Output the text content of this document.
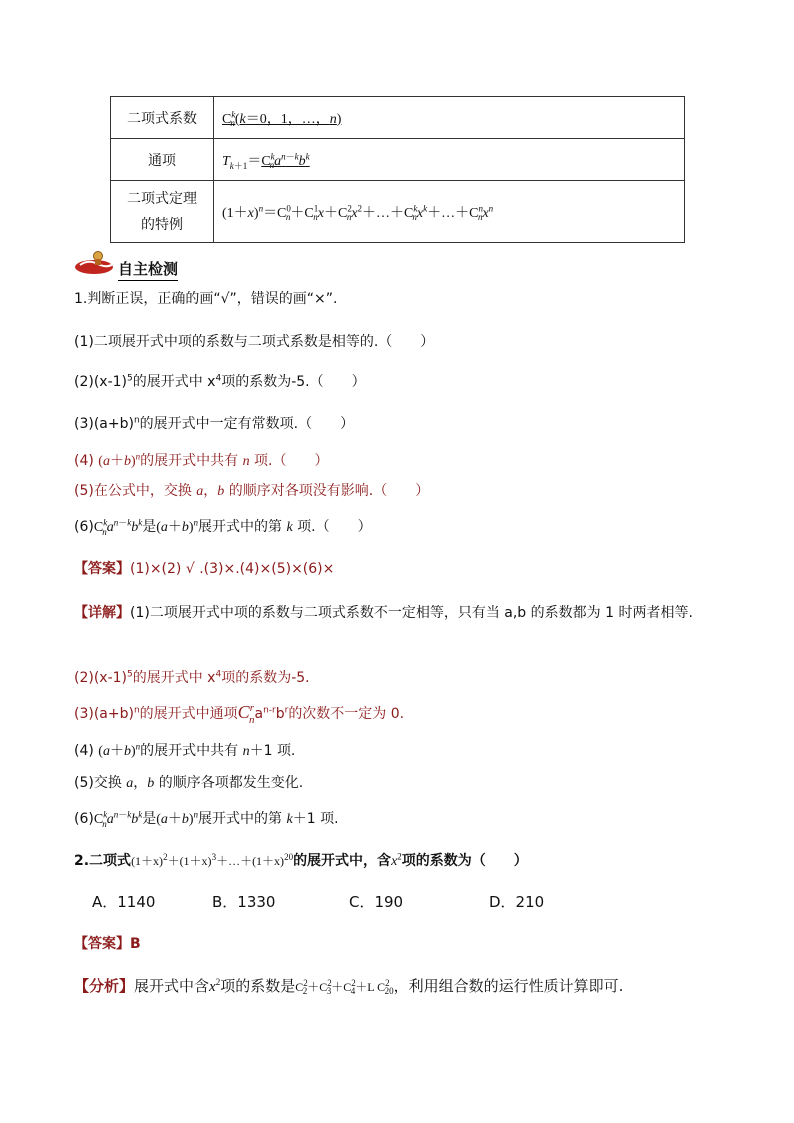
二项式系数	$C^k_n(k=0$，1，…，n)
通项	$T_{k+1}=C^k_na^{n-k}b^k$

二项式定理
的特例	$(1+x)^n=C^0_n+C^1_nx+C^2_nx^2+\dots+C^k_nx^k+\dots+C^n_nx^n$
自主检测
1.判断正误，正确的画“√”，错误的画“×”.
(1)二项展开式中项的系数与二项式系数是相等的.（　　）
$(2)(x-1)^5$的展开式中 $x^4$项的系数为-5.（　　）
$(3)(a+b)^n$的展开式中一定有常数项.（　　）
(4) $(a+b)^n$的展开式中共有 n 项.（　　）
(5)在公式中，交换 a，b 的顺序对各项没有影响.（　　）
$(6)C^k_na^{n-k}b^k$是$(a+b)^n$展开式中的第 k 项.（　　）
【答案】(1)×(2) √ .(3)×.(4)×(5)×(6)×
【详解】(1)二项展开式中项的系数与二项式系数不一定相等，只有当 a,b 的系数都为 1 时两者相等.
$(2)(x-1)^5$的展开式中 $x^4$项的系数为-5.
$(3)(a+b)^n$的展开式中通项$C^r_na^{n-r}b^r$的次数不一定为 0.
(4) $(a+b)^n$的展开式中共有 n＋1 项.
(5)交换 a，b 的顺序各项都发生变化.
$(6)C^k_na^{n-k}b^k$是$(a+b)^n$展开式中的第 k＋1 项.
2.二项式$(1+x)^2+(1+x)^3+\dots+(1+x)^{20}$的展开式中，含$x^2$项的系数为（　　）
A．1140	B．1330	C．190	D．210
【答案】B
【分析】展开式中含$x^2$项的系数是$C^2_2+C^2_3+C^2_4+L$ $C^2_{20}$，利用组合数的运行性质计算即可.
